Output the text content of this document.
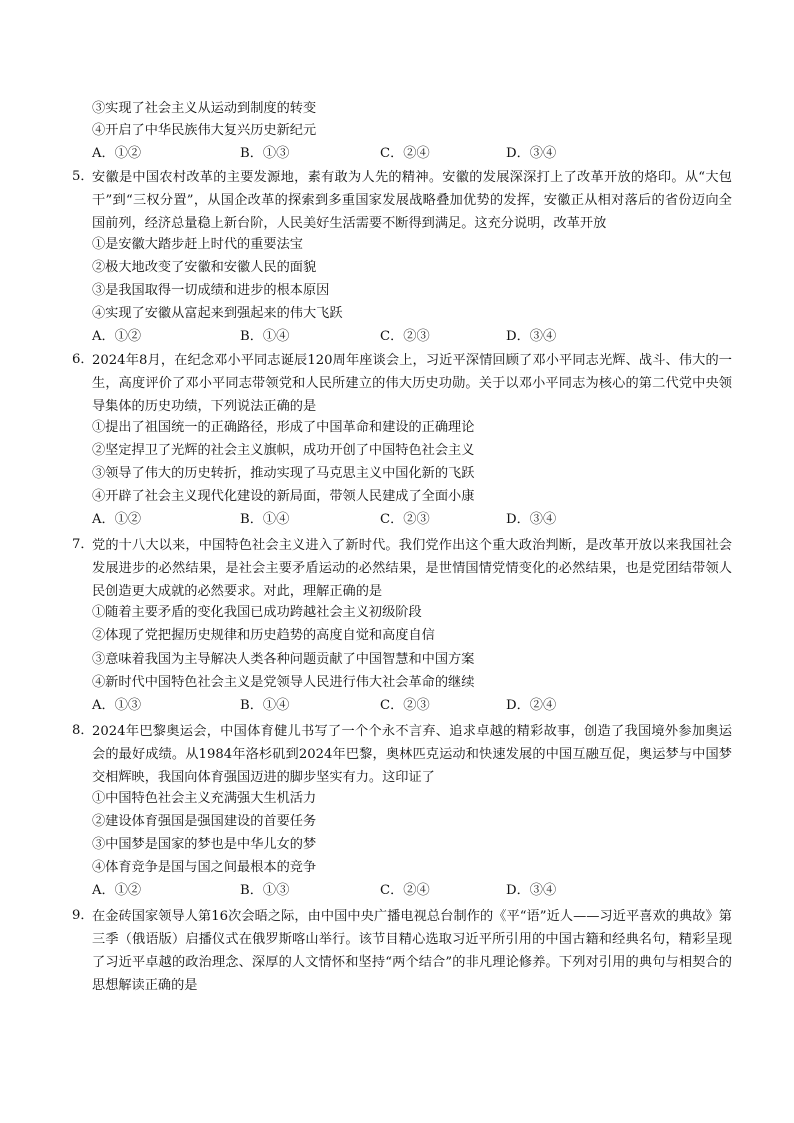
③实现了社会主义从运动到制度的转变
④开启了中华民族伟大复兴历史新纪元
A．①②	B．①③	C．②④	D．③④
5．
安徽是中国农村改革的主要发源地，素有敢为人先的精神。安徽的发展深深打上了改革开放的烙印。从“大包干”到“三权分置”，从国企改革的探索到多重国家发展战略叠加优势的发挥，安徽正从相对落后的省份迈向全国前列，经济总量稳上新台阶，人民美好生活需要不断得到满足。这充分说明，改革开放
①是安徽大踏步赶上时代的重要法宝
②极大地改变了安徽和安徽人民的面貌
③是我国取得一切成绩和进步的根本原因
④实现了安徽从富起来到强起来的伟大飞跃
A．①②	B．①④	C．②③	D．③④
6．
2024年8月，在纪念邓小平同志诞辰120周年座谈会上，习近平深情回顾了邓小平同志光辉、战斗、伟大的一生，高度评价了邓小平同志带领党和人民所建立的伟大历史功勋。关于以邓小平同志为核心的第二代党中央领导集体的历史功绩，下列说法正确的是
①提出了祖国统一的正确路径，形成了中国革命和建设的正确理论
②坚定捍卫了光辉的社会主义旗帜，成功开创了中国特色社会主义
③领导了伟大的历史转折，推动实现了马克思主义中国化新的飞跃
④开辟了社会主义现代化建设的新局面，带领人民建成了全面小康
A．①②	B．①④	C．②③	D．③④
7．
党的十八大以来，中国特色社会主义进入了新时代。我们党作出这个重大政治判断，是改革开放以来我国社会发展进步的必然结果，是社会主要矛盾运动的必然结果，是世情国情党情变化的必然结果，也是党团结带领人民创造更大成就的必然要求。对此，理解正确的是
①随着主要矛盾的变化我国已成功跨越社会主义初级阶段
②体现了党把握历史规律和历史趋势的高度自觉和高度自信
③意味着我国为主导解决人类各种问题贡献了中国智慧和中国方案
④新时代中国特色社会主义是党领导人民进行伟大社会革命的继续
A．①③	B．①④	C．②③	D．②④
8．
2024年巴黎奥运会，中国体育健儿书写了一个个永不言弃、追求卓越的精彩故事，创造了我国境外参加奥运会的最好成绩。从1984年洛杉矶到2024年巴黎，奥林匹克运动和快速发展的中国互融互促，奥运梦与中国梦交相辉映，我国向体育强国迈进的脚步坚实有力。这印证了
①中国特色社会主义充满强大生机活力
②建设体育强国是强国建设的首要任务
③中国梦是国家的梦也是中华儿女的梦
④体育竞争是国与国之间最根本的竞争
A．①②	B．①③	C．②④	D．③④
9．
在金砖国家领导人第16次会晤之际，由中国中央广播电视总台制作的《平“语”近人——习近平喜欢的典故》第三季（俄语版）启播仪式在俄罗斯喀山举行。该节目精心选取习近平所引用的中国古籍和经典名句，精彩呈现了习近平卓越的政治理念、深厚的人文情怀和坚持“两个结合”的非凡理论修养。下列对引用的典句与相契合的思想解读正确的是
